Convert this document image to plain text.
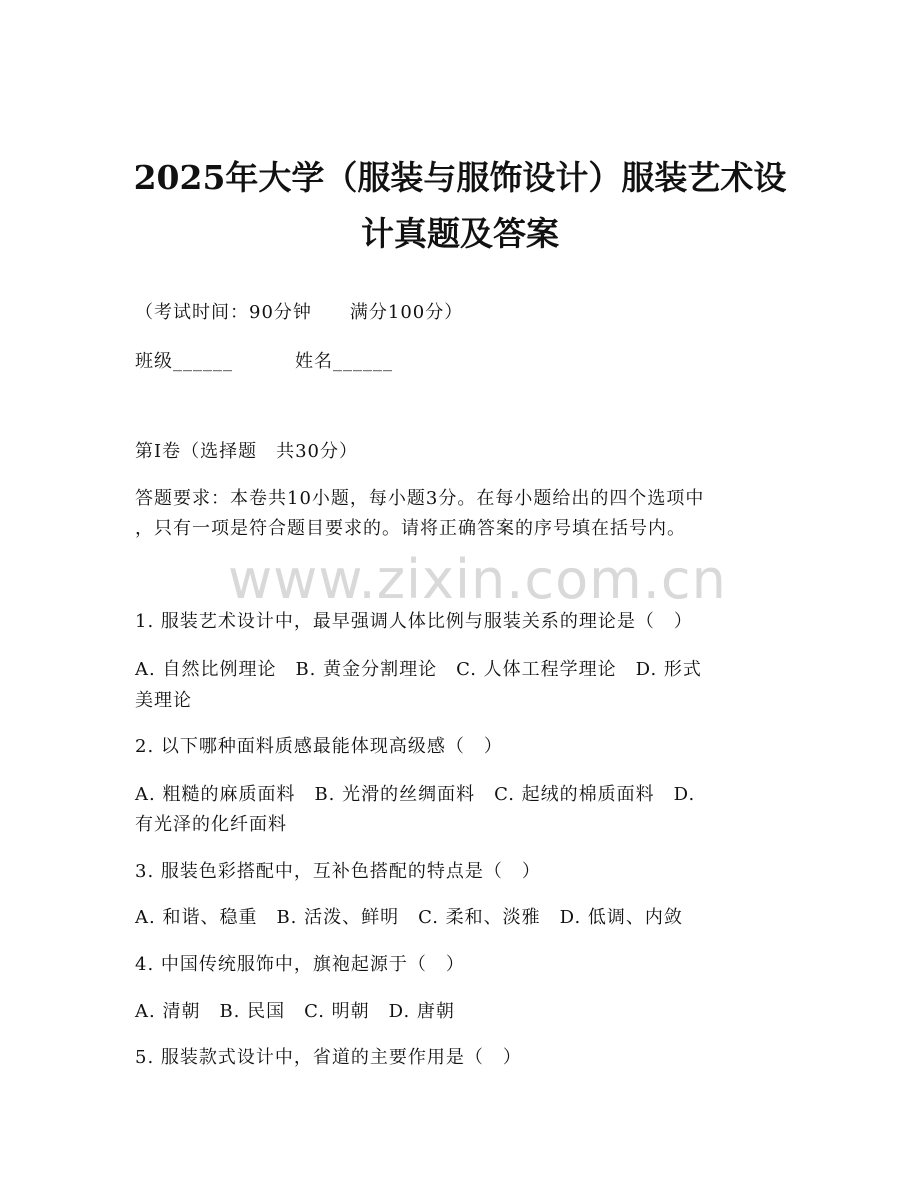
2025年大学（服装与服饰设计）服装艺术设
计真题及答案
（考试时间：90分钟　　满分100分）
班级______	姓名______
第Ⅰ卷（选择题　共30分）
答题要求：本卷共10小题，每小题3分。在每小题给出的四个选项中
，只有一项是符合题目要求的。请将正确答案的序号填在括号内。
www.zixin.com.cn
1. 服装艺术设计中，最早强调人体比例与服装关系的理论是（　）
A. 自然比例理论　B. 黄金分割理论　C. 人体工程学理论　D. 形式
美理论
2. 以下哪种面料质感最能体现高级感（　）
A. 粗糙的麻质面料　B. 光滑的丝绸面料　C. 起绒的棉质面料　D.
有光泽的化纤面料
3. 服装色彩搭配中，互补色搭配的特点是（　）
A. 和谐、稳重　B. 活泼、鲜明　C. 柔和、淡雅　D. 低调、内敛
4. 中国传统服饰中，旗袍起源于（　）
A. 清朝　B. 民国　C. 明朝　D. 唐朝
5. 服装款式设计中，省道的主要作用是（　）
